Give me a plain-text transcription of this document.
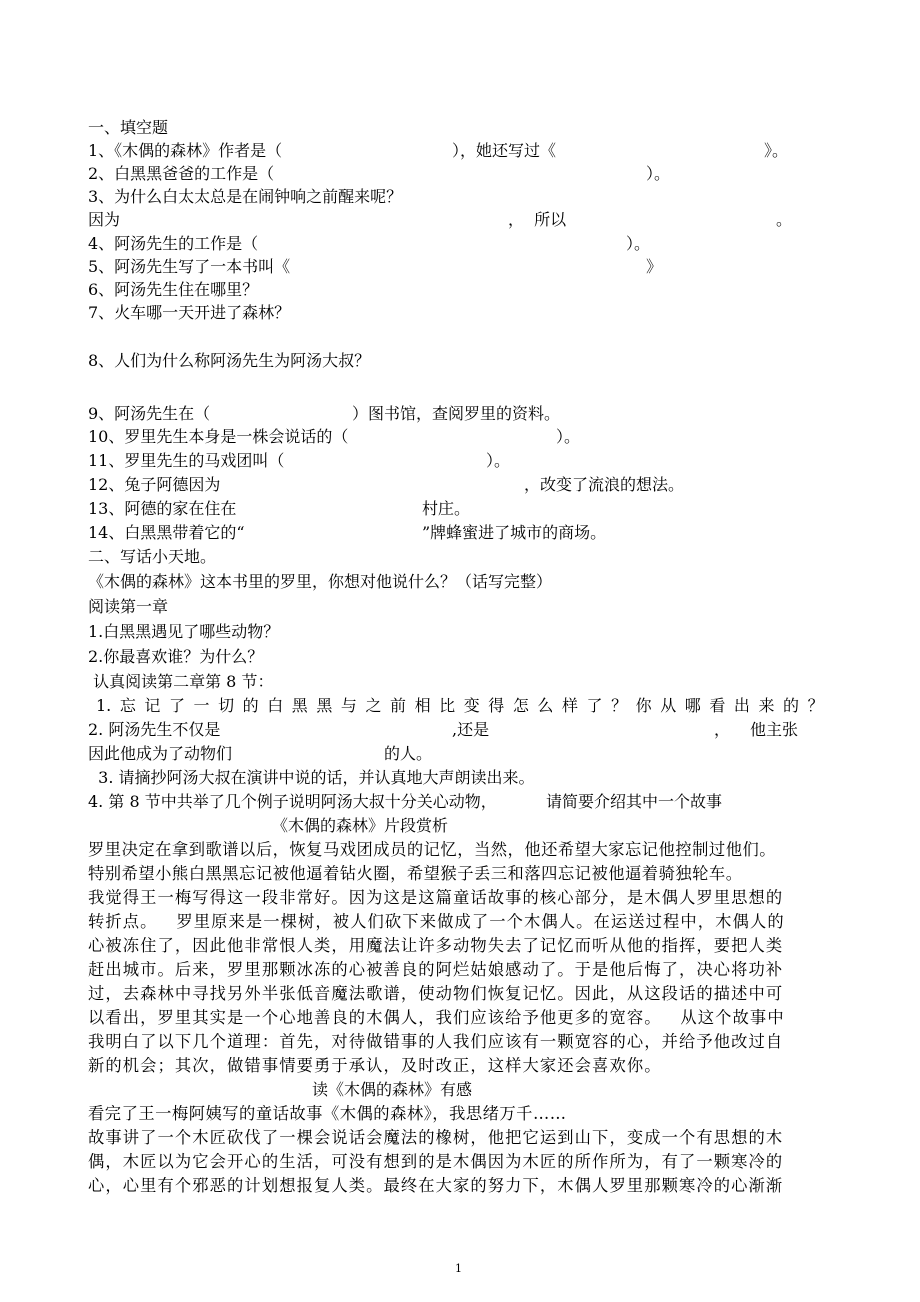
一、填空题
1、《木偶的森林》作者是（	），她还写过《	》。
2、白黑黑爸爸的工作是（	）。
3、为什么白太太总是在闹钟响之前醒来呢？
因为	，  所以	。
4、阿汤先生的工作是（	）。
5、阿汤先生写了一本书叫《	》
6、阿汤先生住在哪里？
7、火车哪一天开进了森林？
8、人们为什么称阿汤先生为阿汤大叔？
9、阿汤先生在（	）图书馆，查阅罗里的资料。
10、罗里先生本身是一株会说话的（	）。
11、罗里先生的马戏团叫（	）。
12、兔子阿德因为	，改变了流浪的想法。
13、阿德的家在住在	村庄。
14、白黑黑带着它的“	”牌蜂蜜进了城市的商场。
二、写话小天地。
《木偶的森林》这本书里的罗里，你想对他说什么？（话写完整）
阅读第一章
1.白黑黑遇见了哪些动物？
2.你最喜欢谁？为什么？
认真阅读第二章第 8 节：
1. 忘 记 了 一 切 的 白 黑 黑 与 之 前 相 比 变 得 怎 么 样 了 ？ 你 从 哪 看 出 来 的 ？
2. 阿汤先生不仅是	,还是	， 他主张
因此他成为了动物们	的人。
3. 请摘抄阿汤大叔在演讲中说的话，并认真地大声朗读出来。
4. 第 8 节中共举了几个例子说明阿汤大叔十分关心动物，	请简要介绍其中一个故事
《木偶的森林》片段赏析
罗里决定在拿到歌谱以后，恢复马戏团成员的记忆，当然，他还希望大家忘记他控制过他们。
特别希望小熊白黑黑忘记被他逼着钻火圈，希望猴子丢三和落四忘记被他逼着骑独轮车。
我觉得王一梅写得这一段非常好。因为这是这篇童话故事的核心部分，是木偶人罗里思想的
转折点。   罗里原来是一棵树，被人们砍下来做成了一个木偶人。在运送过程中，木偶人的
心被冻住了，因此他非常恨人类，用魔法让许多动物失去了记忆而听从他的指挥，要把人类
赶出城市。后来，罗里那颗冰冻的心被善良的阿烂姑娘感动了。于是他后悔了，决心将功补
过，去森林中寻找另外半张低音魔法歌谱，使动物们恢复记忆。因此，从这段话的描述中可
以看出，罗里其实是一个心地善良的木偶人，我们应该给予他更多的宽容。   从这个故事中
我明白了以下几个道理：首先，对待做错事的人我们应该有一颗宽容的心，并给予他改过自
新的机会；其次，做错事情要勇于承认，及时改正，这样大家还会喜欢你。
读《木偶的森林》有感
看完了王一梅阿姨写的童话故事《木偶的森林》，我思绪万千……
故事讲了一个木匠砍伐了一棵会说话会魔法的橡树，他把它运到山下，变成一个有思想的木
偶，木匠以为它会开心的生活，可没有想到的是木偶因为木匠的所作所为，有了一颗寒冷的
心，心里有个邪恶的计划想报复人类。最终在大家的努力下，木偶人罗里那颗寒冷的心渐渐
1
